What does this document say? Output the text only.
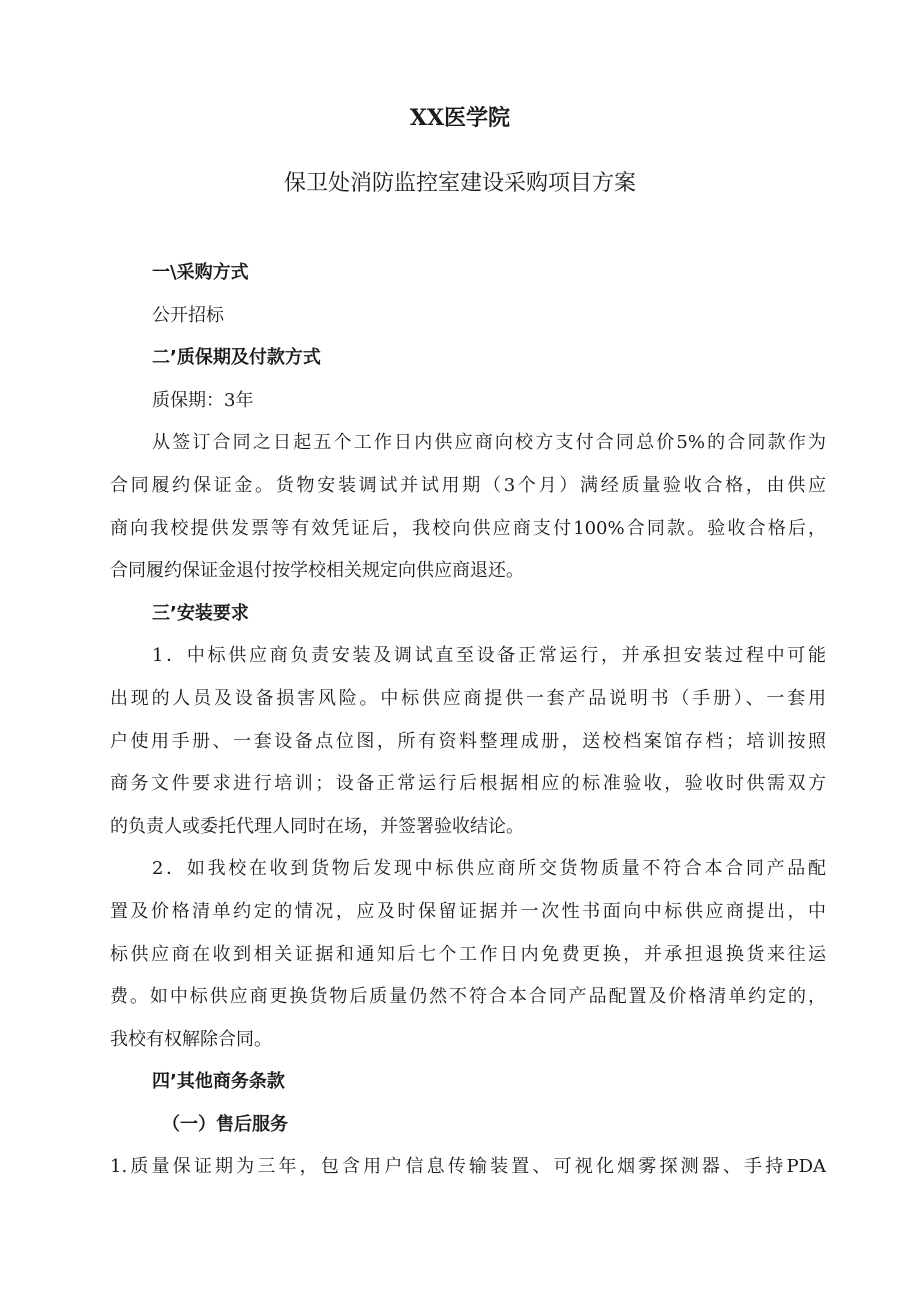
XX医学院
保卫处消防监控室建设采购项目方案
一\采购方式
公开招标
二’质保期及付款方式
质保期：3年
从签订合同之日起五个工作日内供应商向校方支付合同总价5%的合同款作为
合同履约保证金。货物安装调试并试用期（3个月）满经质量验收合格，由供应
商向我校提供发票等有效凭证后，我校向供应商支付100%合同款。验收合格后，
合同履约保证金退付按学校相关规定向供应商退还。
三’安装要求
1．中标供应商负责安装及调试直至设备正常运行，并承担安装过程中可能
出现的人员及设备损害风险。中标供应商提供一套产品说明书（手册）、一套用
户使用手册、一套设备点位图，所有资料整理成册，送校档案馆存档；培训按照
商务文件要求进行培训；设备正常运行后根据相应的标准验收，验收时供需双方
的负责人或委托代理人同时在场，并签署验收结论。
2．如我校在收到货物后发现中标供应商所交货物质量不符合本合同产品配
置及价格清单约定的情况，应及时保留证据并一次性书面向中标供应商提出，中
标供应商在收到相关证据和通知后七个工作日内免费更换，并承担退换货来往运
费。如中标供应商更换货物后质量仍然不符合本合同产品配置及价格清单约定的，
我校有权解除合同。
四’其他商务条款
（一）售后服务
1.质量保证期为三年，包含用户信息传输装置、可视化烟雾探测器、手持PDA
